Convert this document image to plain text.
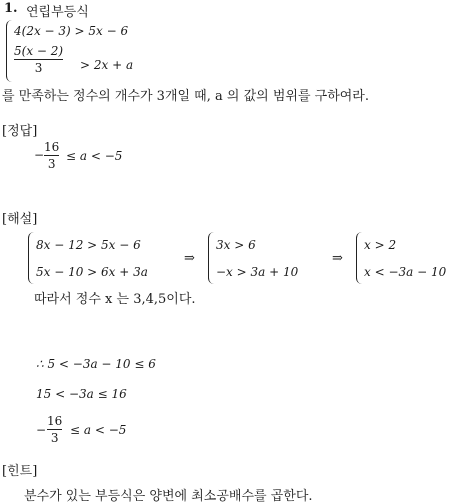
1. 연립부등식
4(2x − 3) > 5x − 6
5(x − 2)
3	> 2x + a
를 만족하는 정수의 개수가 3개일 때, a 의 값의 범위를 구하여라.
[정답]
−
16
3
≤ a < −5
[해설]
8x − 12 > 5x − 6
5x − 10 > 6x + 3a
⇒
3x > 6
−x > 3a + 10
⇒
x > 2
x < −3a − 10
따라서 정수 x 는 3,4,5이다.
∴ 5 < −3a − 10 ≤ 6
15 < −3a ≤ 16
−
16
3
≤ a < −5
[힌트]
분수가 있는 부등식은 양변에 최소공배수를 곱한다.
